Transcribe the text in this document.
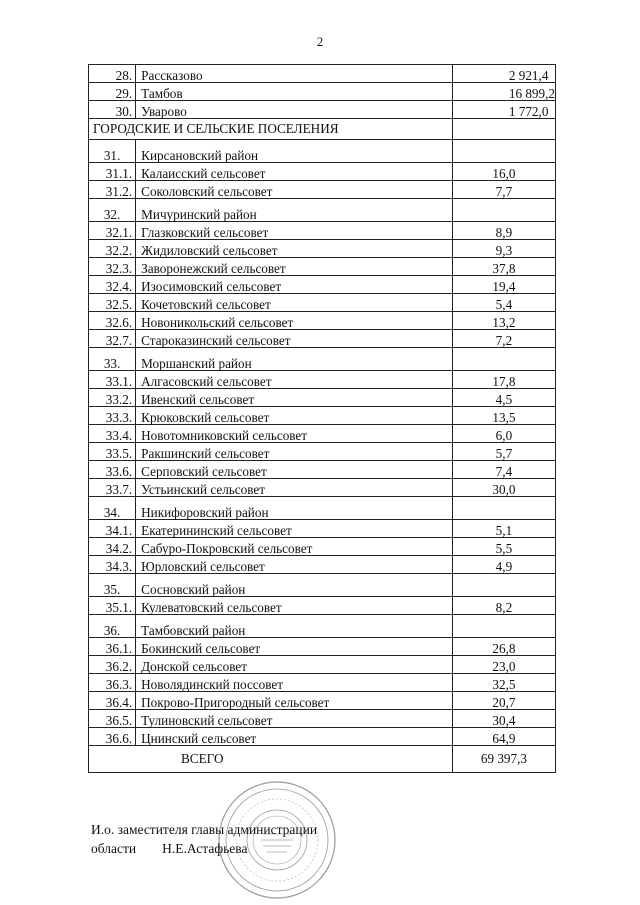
2
28.	Рассказово	2 921,4
29.	Тамбов	16 899,2
30.	Уварово	1 772,0
ГОРОДСКИЕ И СЕЛЬСКИЕ ПОСЕЛЕНИЯ		
31.	Кирсановский район	
31.1.	Калаисский сельсовет	16,0
31.2.	Соколовский сельсовет	7,7
32.	Мичуринский район	
32.1.	Глазковский сельсовет	8,9
32.2.	Жидиловский сельсовет	9,3
32.3.	Заворонежский сельсовет	37,8
32.4.	Изосимовский сельсовет	19,4
32.5.	Кочетовский сельсовет	5,4
32.6.	Новоникольский сельсовет	13,2
32.7.	Староказинский сельсовет	7,2
33.	Моршанский район	
33.1.	Алгасовский сельсовет	17,8
33.2.	Ивенский сельсовет	4,5
33.3.	Крюковский сельсовет	13,5
33.4.	Новотомниковский сельсовет	6,0
33.5.	Ракшинский сельсовет	5,7
33.6.	Серповский сельсовет	7,4
33.7.	Устьинский сельсовет	30,0
34.	Никифоровский район	
34.1.	Екатерининский сельсовет	5,1
34.2.	Сабуро-Покровский сельсовет	5,5
34.3.	Юрловский сельсовет	4,9
35.	Сосновский район	
35.1.	Кулеватовский сельсовет	8,2
36.	Тамбовский район	
36.1.	Бокинский сельсовет	26,8
36.2.	Донской сельсовет	23,0
36.3.	Новолядинский поссовет	32,5
36.4.	Покрово-Пригородный сельсовет	20,7
36.5.	Тулиновский сельсовет	30,4
36.6.	Цнинский сельсовет	64,9
ВСЕГО		69 397,3
И.о. заместителя главы администрации
области Н.Е.Астафьева
